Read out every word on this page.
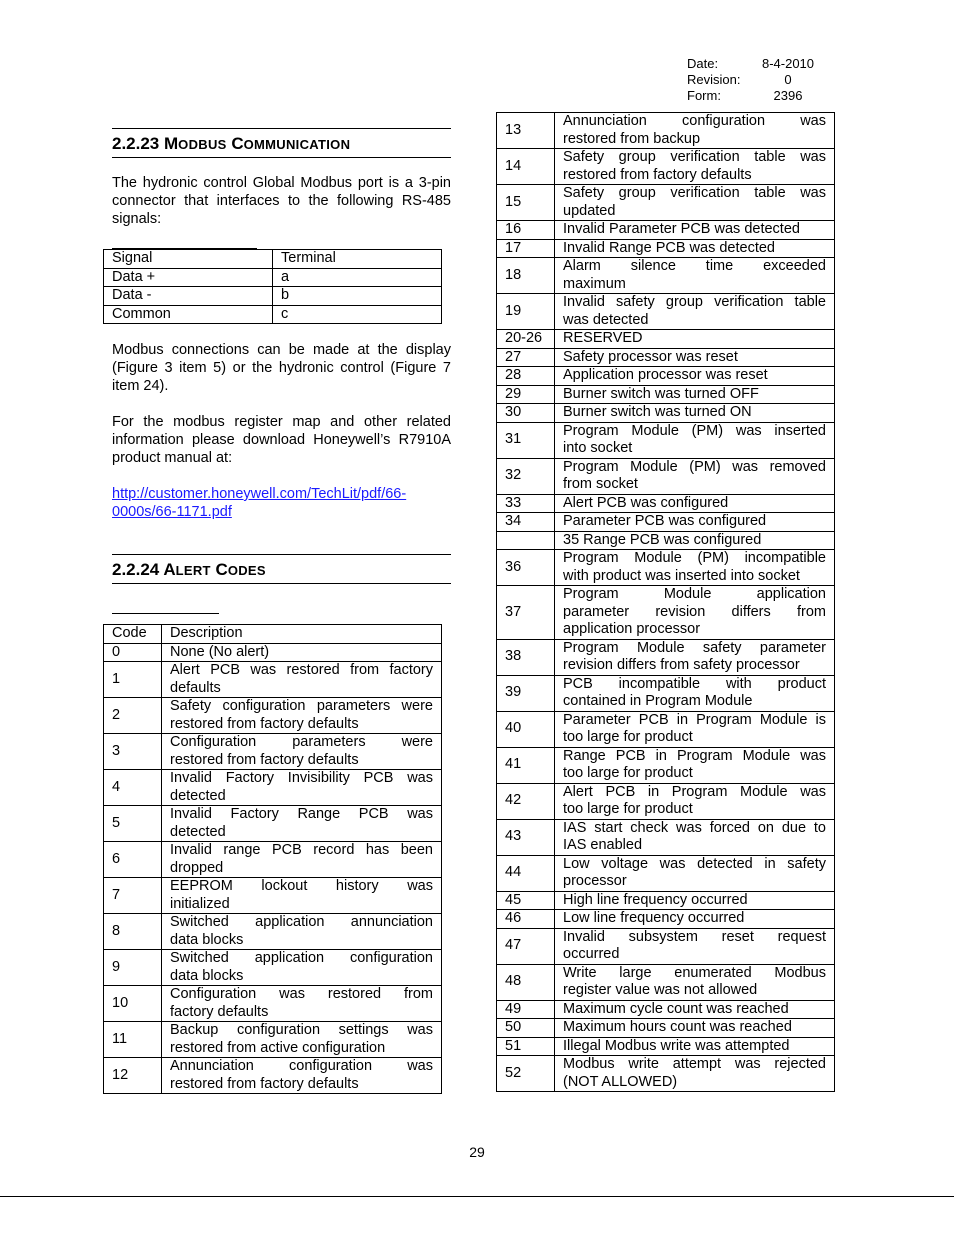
Date:	8-4-2010
Revision:	0
Form:	2396
2.2.23 MODBUS COMMUNICATION

The hydronic control Global Modbus port is a 3-pin connector that interfaces to the following RS-485 signals:

Signal	Terminal
Data +	a
Data -	b
Common	c

Modbus connections can be made at the display (Figure 3 item 5) or the hydronic control (Figure 7 item 24).

For the modbus register map and other related information please download Honeywell’s R7910A product manual at:

http://customer.honeywell.com/TechLit/pdf/66-
0000s/66-1171.pdf
2.2.24 ALERT CODES
Code	Description
0	None (No alert)
1	Alert PCB was restored from factory
defaults

2	Safety configuration parameters were
restored from factory defaults

3	Configuration parameters were
restored from factory defaults

4	Invalid Factory Invisibility PCB was
detected

5	Invalid Factory Range PCB was
detected

6	Invalid range PCB record has been
dropped

7	EEPROM lockout history was
initialized

8	Switched application annunciation
data blocks

9	Switched application configuration
data blocks

10	Configuration was restored from
factory defaults

11	Backup configuration settings was
restored from active configuration

12	Annunciation configuration was
restored from factory defaults
13	Annunciation configuration was
restored from backup

14	Safety group verification table was
restored from factory defaults

15	Safety group verification table was
updated

16	Invalid Parameter PCB was detected
17	Invalid Range PCB was detected
18	Alarm silence time exceeded
maximum

19	Invalid safety group verification table
was detected

20-26	RESERVED
27	Safety processor was reset
28	Application processor was reset
29	Burner switch was turned OFF
30	Burner switch was turned ON
31	Program Module (PM) was inserted
into socket

32	Program Module (PM) was removed
from socket

33	Alert PCB was configured
34	Parameter PCB was configured
	35 Range PCB was configured
36	Program Module (PM) incompatible
with product was inserted into socket

37	Program Module application
parameter revision differs from
application processor

38	Program Module safety parameter
revision differs from safety processor

39	PCB incompatible with product
contained in Program Module

40	Parameter PCB in Program Module is
too large for product

41	Range PCB in Program Module was
too large for product

42	Alert PCB in Program Module was
too large for product

43	IAS start check was forced on due to
IAS enabled

44	Low voltage was detected in safety
processor

45	High line frequency occurred
46	Low line frequency occurred
47	Invalid subsystem reset request
occurred

48	Write large enumerated Modbus
register value was not allowed

49	Maximum cycle count was reached
50	Maximum hours count was reached
51	Illegal Modbus write was attempted
52	Modbus write attempt was rejected
(NOT ALLOWED)
29
